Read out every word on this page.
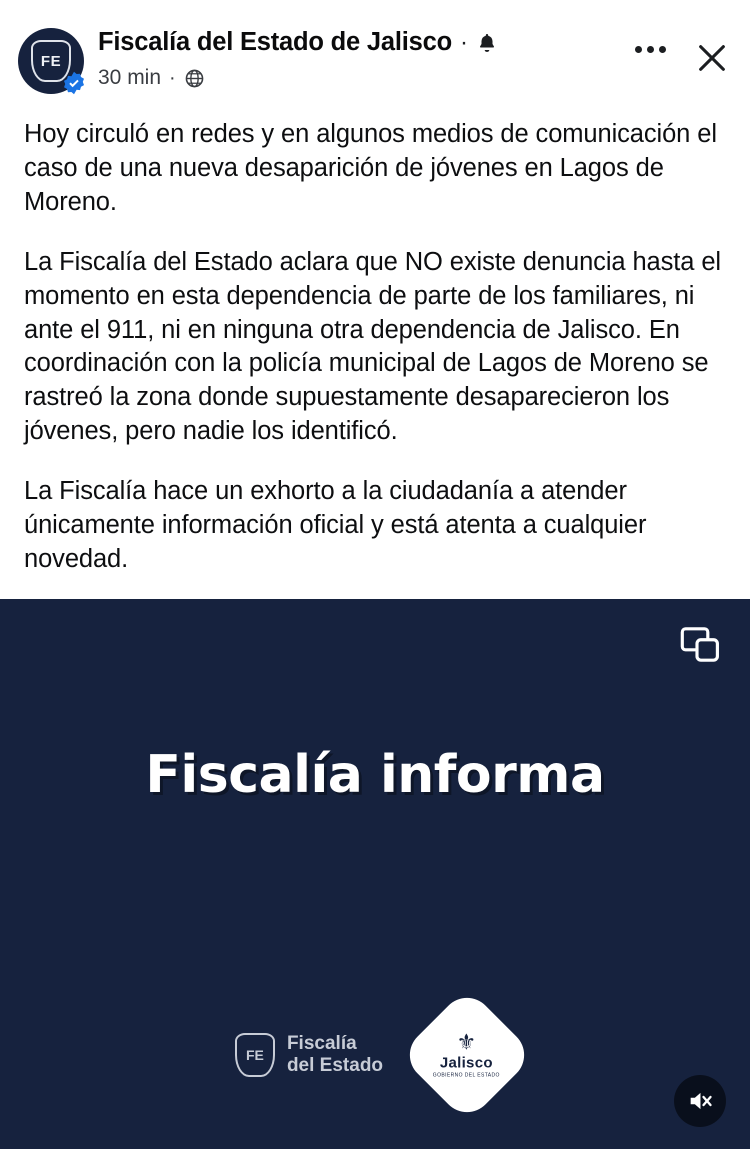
FE
Fiscalía del Estado de Jalisco ·
30 min ·

Hoy circuló en redes y en algunos medios de comunicación el caso de una nueva desaparición de jóvenes en Lagos de Moreno.

La Fiscalía del Estado aclara que NO existe denuncia hasta el momento en esta dependencia de parte de los familiares, ni ante el 911, ni en ninguna otra dependencia de Jalisco. En coordinación con la policía municipal de Lagos de Moreno se rastreó la zona donde supuestamente desaparecieron los jóvenes, pero nadie los identificó.

La Fiscalía hace un exhorto a la ciudadanía a atender únicamente información oficial y está atenta a cualquier novedad.

Fiscalía informa
FE
Fiscalía
del Estado
⚜
Jalisco
GOBIERNO DEL ESTADO
